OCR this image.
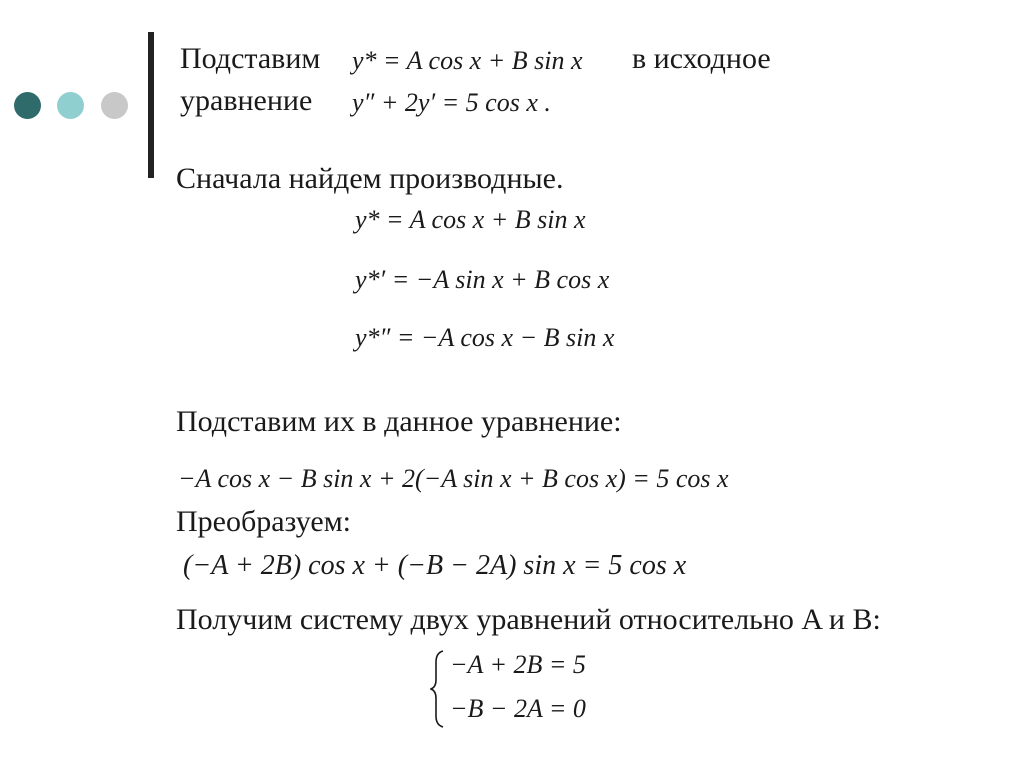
Подставим y* = A cos x + B sin x в исходное
уравнение y″ + 2y′ = 5 cos x .
Сначала найдем производные.
y* = A cos x + B sin x
y*′ = −A sin x + B cos x
y*″ = −A cos x − B sin x
Подставим их в данное уравнение:
−A cos x − B sin x + 2(−A sin x + B cos x) = 5 cos x
Преобразуем:
(−A + 2B) cos x + (−B − 2A) sin x = 5 cos x
Получим систему двух уравнений относительно A и B:
−A + 2B = 5
−B − 2A = 0
